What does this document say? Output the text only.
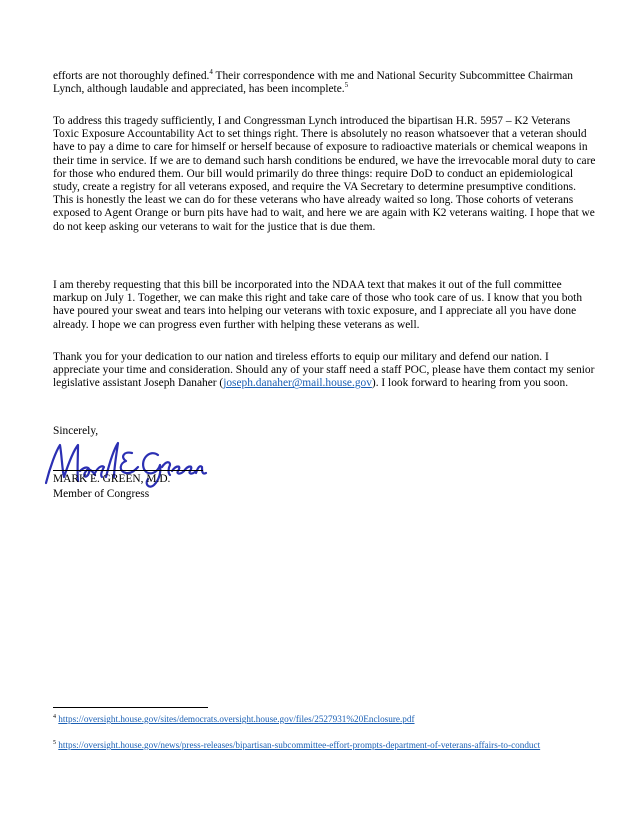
efforts are not thoroughly defined.$^4$ Their correspondence with me and National Security Subcommittee Chairman Lynch, although laudable and appreciated, has been incomplete.$^5$

To address this tragedy sufficiently, I and Congressman Lynch introduced the bipartisan H.R. 5957 – K2 Veterans Toxic Exposure Accountability Act to set things right. There is absolutely no reason whatsoever that a veteran should have to pay a dime to care for himself or herself because of exposure to radioactive materials or chemical weapons in their time in service. If we are to demand such harsh conditions be endured, we have the irrevocable moral duty to care for those who endured them. Our bill would primarily do three things: require DoD to conduct an epidemiological study, create a registry for all veterans exposed, and require the VA Secretary to determine presumptive conditions. This is honestly the least we can do for these veterans who have already waited so long. Those cohorts of veterans exposed to Agent Orange or burn pits have had to wait, and here we are again with K2 veterans waiting. I hope that we do not keep asking our veterans to wait for the justice that is due them.

I am thereby requesting that this bill be incorporated into the NDAA text that makes it out of the full committee markup on July 1. Together, we can make this right and take care of those who took care of us. I know that you both have poured your sweat and tears into helping our veterans with toxic exposure, and I appreciate all you have done already. I hope we can progress even further with helping these veterans as well.

Thank you for your dedication to our nation and tireless efforts to equip our military and defend our nation. I appreciate your time and consideration. Should any of your staff need a staff POC, please have them contact my senior legislative assistant Joseph Danaher (joseph.danaher@mail.house.gov). I look forward to hearing from you soon.

Sincerely,
Mark E. Green
MARK E. GREEN, M.D.
Member of Congress

$^4$ https://oversight.house.gov/sites/democrats.oversight.house.gov/files/2527931%20Enclosure.pdf

$^5$ https://oversight.house.gov/news/press-releases/bipartisan-subcommittee-effort-prompts-department-of-veterans-affairs-to-conduct
